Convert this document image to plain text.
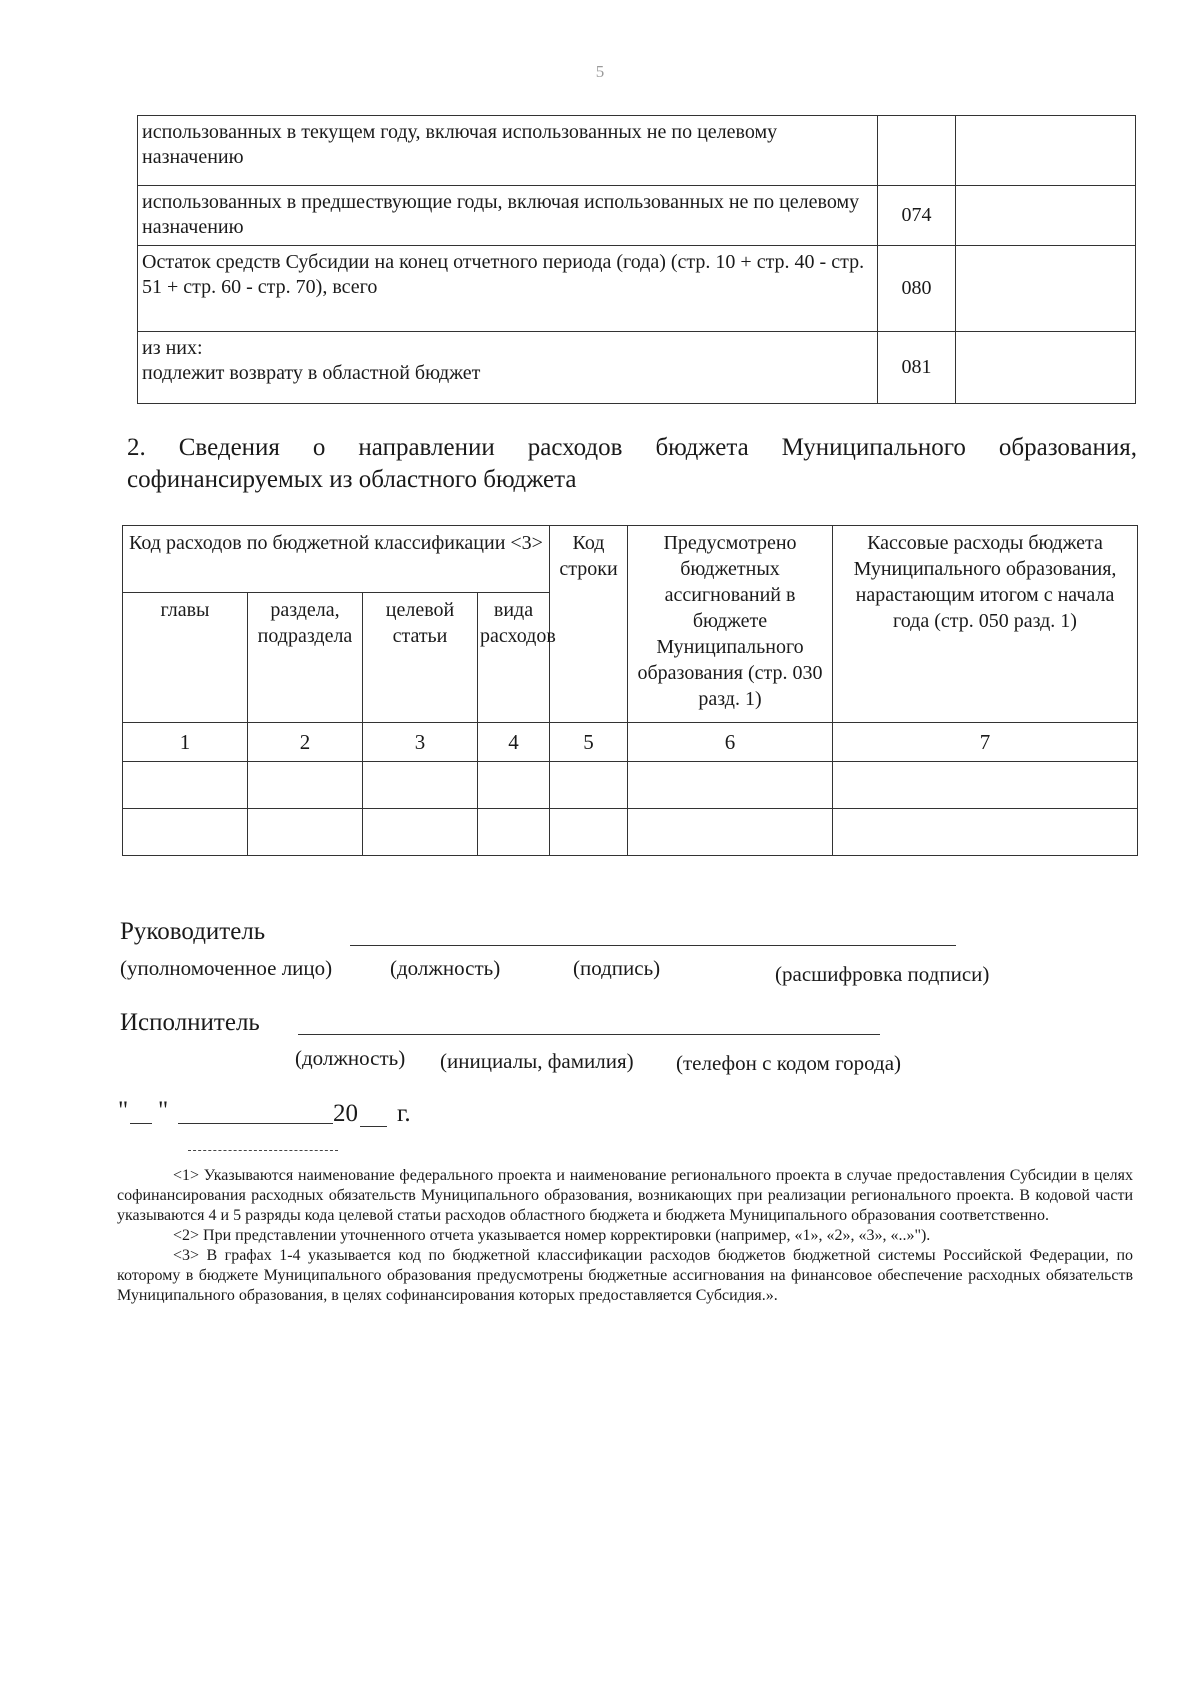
5
использованных в текущем году, включая использованных не по целевому назначению		
использованных в предшествующие годы, включая использованных не по целевому назначению	074	
Остаток средств Субсидии на конец отчетного периода (года) (стр. 10 + стр. 40 - стр. 51 + стр. 60 - стр. 70), всего	080	

из них:
подлежит возврату в областной бюджет	081	
2. Сведения о направлении расходов бюджета Муниципального образования, софинансируемых из областного бюджета
Код расходов по бюджетной классификации <3>				Код строки	Предусмотрено бюджетных ассигнований в бюджете Муниципального образования (стр. 030 разд. 1)	Кассовые расходы бюджета Муниципального образования, нарастающим итогом с начала года (стр. 050 разд. 1)
главы	раздела, подраздела	целевой статьи	вида расходов			
1	2	3	4	5	6	7

Руководитель
(уполномоченное лицо)	(должность)	(подпись)	(расшифровка подписи)
Исполнитель
(должность) (инициалы, фамилия) (телефон с кодом города)
" "	20 г.

<1> Указываются наименование федерального проекта и наименование регионального проекта в случае предоставления Субсидии в целях софинансирования расходных обязательств Муниципального образования, возникающих при реализации регионального проекта. В кодовой части указываются 4 и 5 разряды кода целевой статьи расходов областного бюджета и бюджета Муниципального образования соответственно.

<2> При представлении уточненного отчета указывается номер корректировки (например, «1», «2», «3», «..»").

<3> В графах 1-4 указывается код по бюджетной классификации расходов бюджетов бюджетной системы Российской Федерации, по которому в бюджете Муниципального образования предусмотрены бюджетные ассигнования на финансовое обеспечение расходных обязательств Муниципального образования, в целях софинансирования которых предоставляется Субсидия.».
